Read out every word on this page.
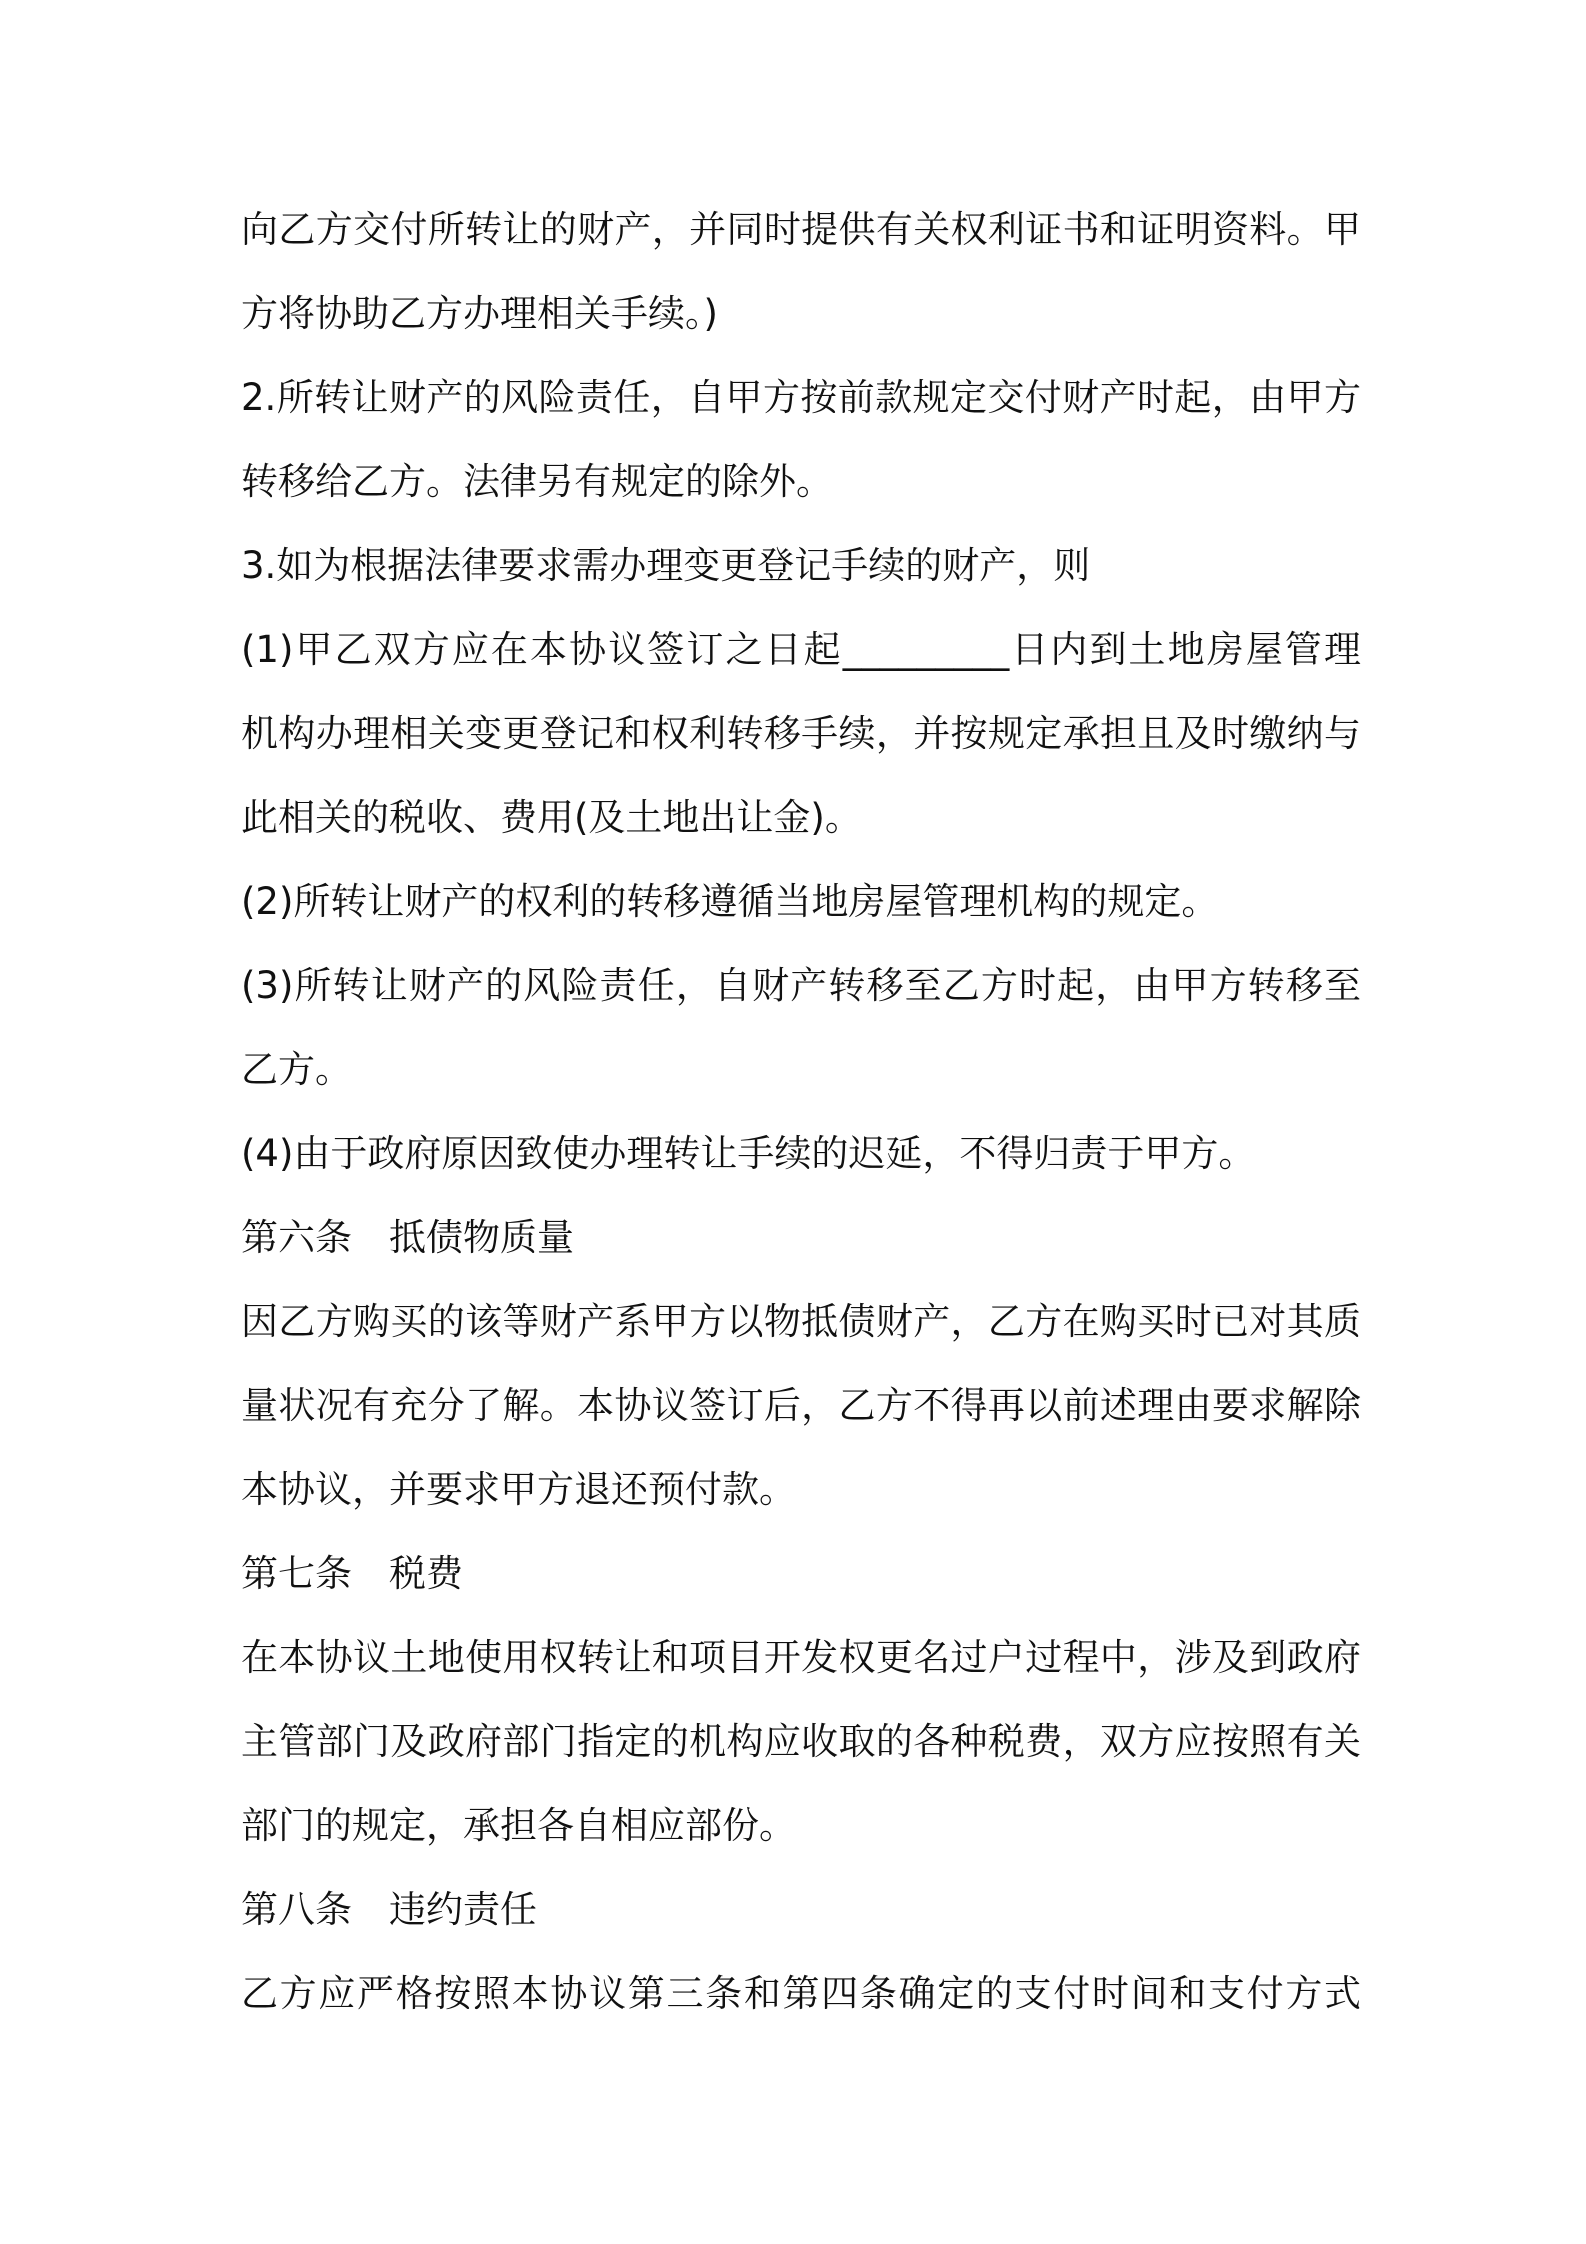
向乙方交付所转让的财产，并同时提供有关权利证书和证明资料。甲
方将协助乙方办理相关手续。)
2.所转让财产的风险责任，自甲方按前款规定交付财产时起，由甲方
转移给乙方。法律另有规定的除外。
3.如为根据法律要求需办理变更登记手续的财产，则
(1)甲乙双方应在本协议签订之日起_________日内到土地房屋管理
机构办理相关变更登记和权利转移手续，并按规定承担且及时缴纳与
此相关的税收、费用(及土地出让金)。
(2)所转让财产的权利的转移遵循当地房屋管理机构的规定。
(3)所转让财产的风险责任，自财产转移至乙方时起，由甲方转移至
乙方。
(4)由于政府原因致使办理转让手续的迟延，不得归责于甲方。
第六条　抵债物质量
因乙方购买的该等财产系甲方以物抵债财产，乙方在购买时已对其质
量状况有充分了解。本协议签订后，乙方不得再以前述理由要求解除
本协议，并要求甲方退还预付款。
第七条　税费
在本协议土地使用权转让和项目开发权更名过户过程中，涉及到政府
主管部门及政府部门指定的机构应收取的各种税费，双方应按照有关
部门的规定，承担各自相应部份。
第八条　违约责任
乙方应严格按照本协议第三条和第四条确定的支付时间和支付方式
